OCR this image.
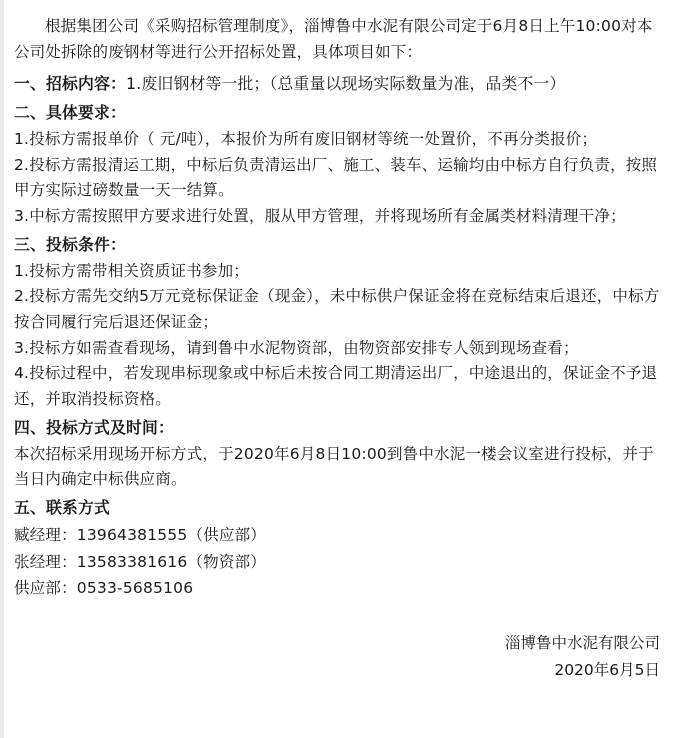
根据集团公司《采购招标管理制度》，淄博鲁中水泥有限公司定于6月8日上午10:00对本公司处拆除的废钢材等进行公开招标处置，具体项目如下：

一、招标内容：1.废旧钢材等一批；（总重量以现场实际数量为准，品类不一）

二、具体要求：

1.投标方需报单价（ 元/吨），本报价为所有废旧钢材等统一处置价，不再分类报价；

2.投标方需报清运工期，中标后负责清运出厂、施工、装车、运输均由中标方自行负责，按照甲方实际过磅数量一天一结算。

3.中标方需按照甲方要求进行处置，服从甲方管理，并将现场所有金属类材料清理干净；

三、投标条件：

1.投标方需带相关资质证书参加；

2.投标方需先交纳5万元竞标保证金（现金），未中标供户保证金将在竞标结束后退还，中标方按合同履行完后退还保证金；

3.投标方如需查看现场，请到鲁中水泥物资部，由物资部安排专人领到现场查看；

4.投标过程中，若发现串标现象或中标后未按合同工期清运出厂，中途退出的，保证金不予退还，并取消投标资格。

四、投标方式及时间：

本次招标采用现场开标方式，于2020年6月8日10:00到鲁中水泥一楼会议室进行投标，并于当日内确定中标供应商。

五、联系方式

臧经理：13964381555（供应部）

张经理：13583381616（物资部）

供应部：0533-5685106

淄博鲁中水泥有限公司
2020年6月5日
